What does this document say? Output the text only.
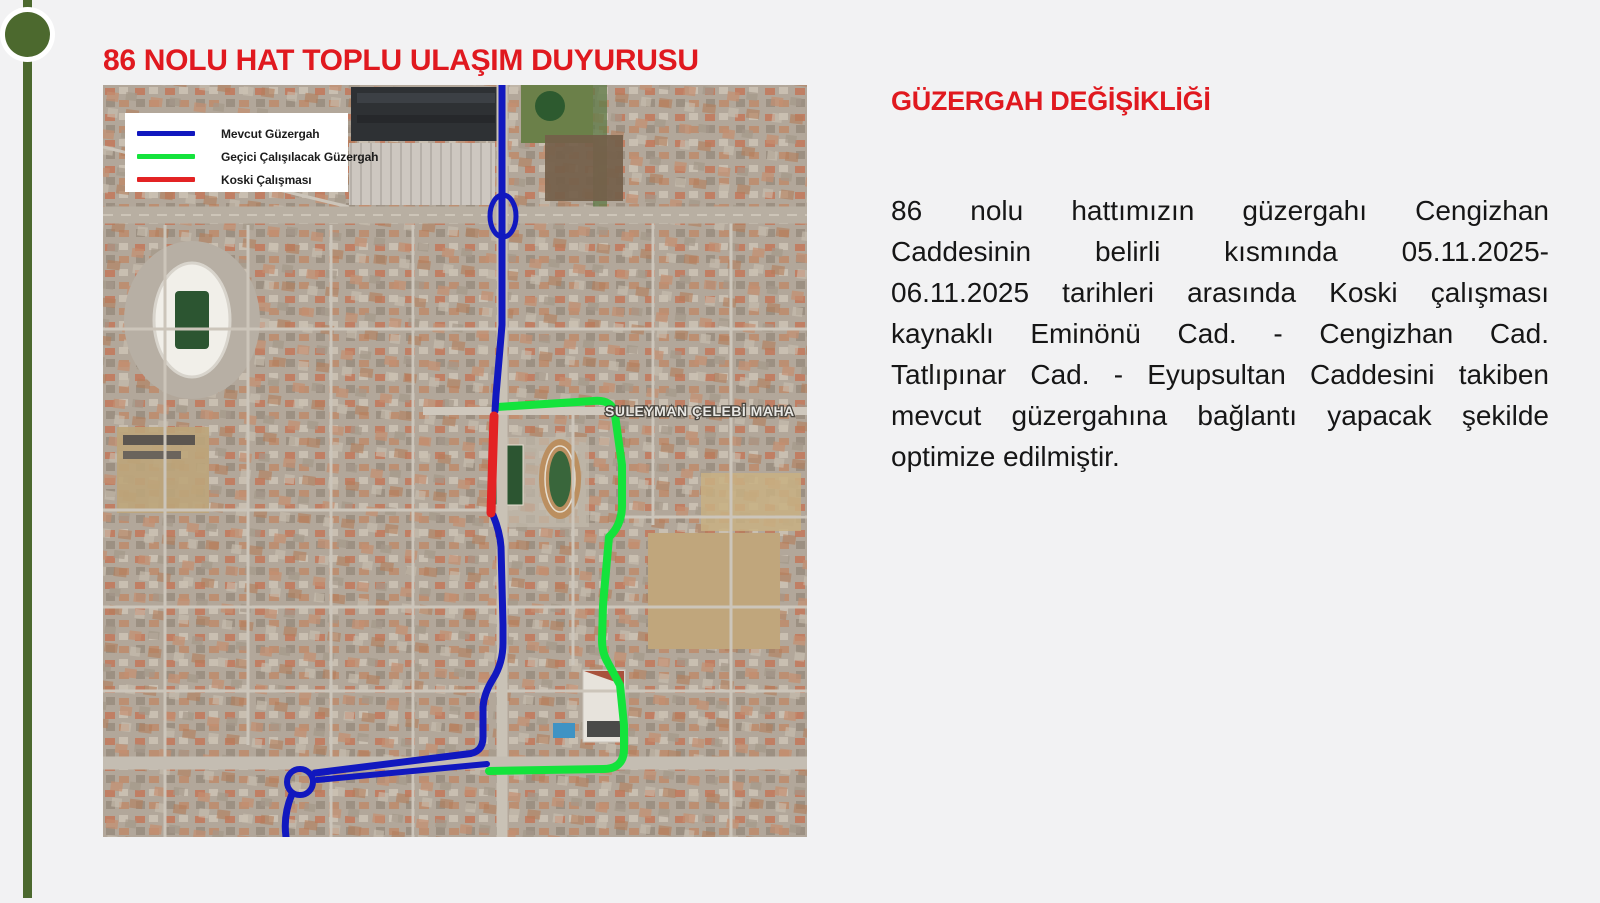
86 NOLU HAT TOPLU ULAŞIM DUYURUSU
SULEYMAN ÇELEBİ MAHA
Mevcut Güzergah
Geçici Çalışılacak Güzergah
Koski Çalışması
GÜZERGAH DEĞİŞİKLİĞİ
86 nolu hattımızın güzergahı Cengizhan
Caddesinin belirli kısmında 05.11.2025-
06.11.2025 tarihleri arasında Koski çalışması
kaynaklı Eminönü Cad. - Cengizhan Cad.
Tatlıpınar Cad. - Eyupsultan Caddesini takiben
mevcut güzergahına bağlantı yapacak şekilde
optimize edilmiştir.
